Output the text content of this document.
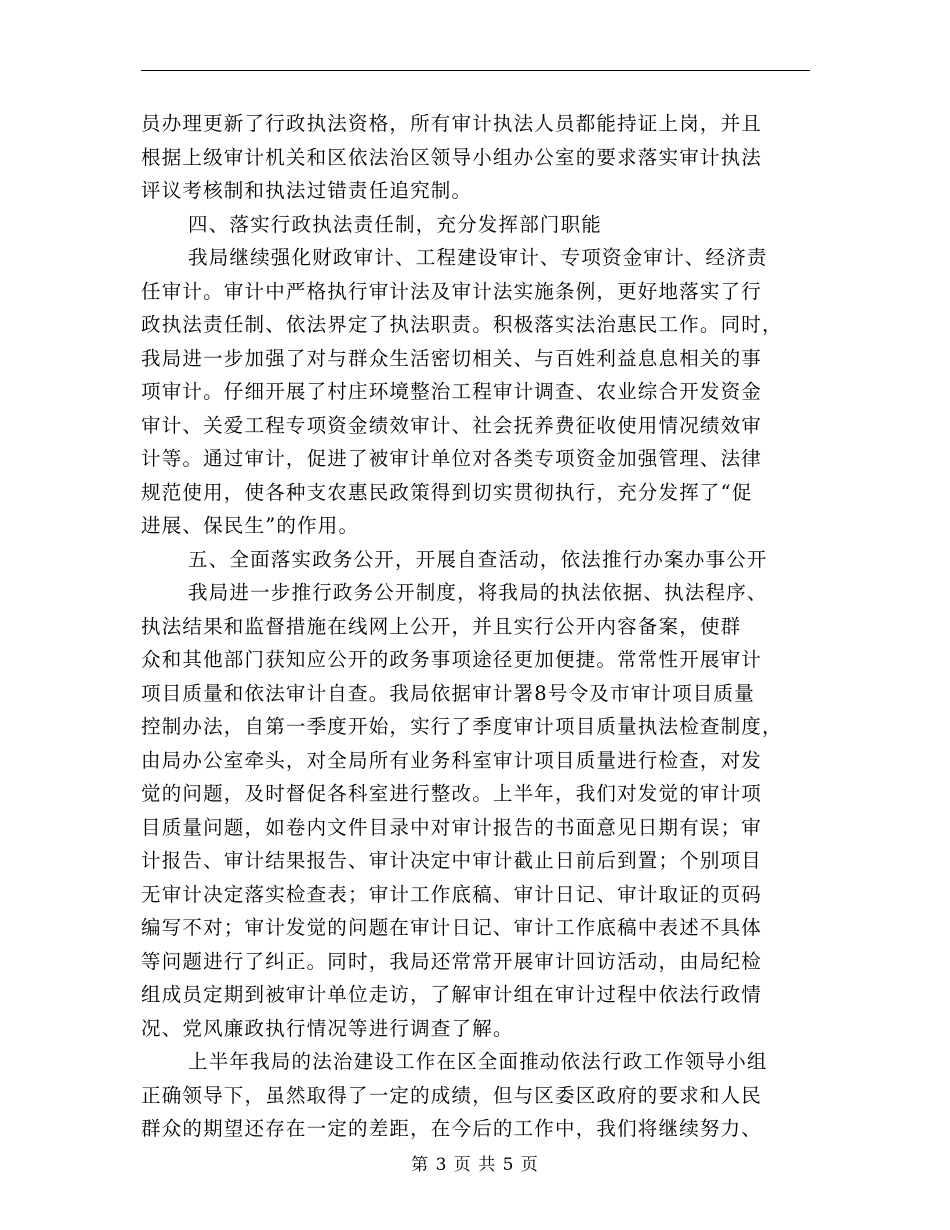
员办理更新了行政执法资格，所有审计执法人员都能持证上岗，并且
根据上级审计机关和区依法治区领导小组办公室的要求落实审计执法
评议考核制和执法过错责任追究制。
四、落实行政执法责任制，充分发挥部门职能
我局继续强化财政审计、工程建设审计、专项资金审计、经济责
任审计。审计中严格执行审计法及审计法实施条例，更好地落实了行
政执法责任制、依法界定了执法职责。积极落实法治惠民工作。同时，
我局进一步加强了对与群众生活密切相关、与百姓利益息息相关的事
项审计。仔细开展了村庄环境整治工程审计调查、农业综合开发资金
审计、关爱工程专项资金绩效审计、社会抚养费征收使用情况绩效审
计等。通过审计，促进了被审计单位对各类专项资金加强管理、法律
规范使用，使各种支农惠民政策得到切实贯彻执行，充分发挥了“促
进展、保民生”的作用。
五、全面落实政务公开，开展自查活动，依法推行办案办事公开
我局进一步推行政务公开制度，将我局的执法依据、执法程序、
执法结果和监督措施在线网上公开，并且实行公开内容备案，使群
众和其他部门获知应公开的政务事项途径更加便捷。常常性开展审计
项目质量和依法审计自查。我局依据审计署8号令及市审计项目质量
控制办法，自第一季度开始，实行了季度审计项目质量执法检查制度，
由局办公室牵头，对全局所有业务科室审计项目质量进行检查，对发
觉的问题，及时督促各科室进行整改。上半年，我们对发觉的审计项
目质量问题，如卷内文件目录中对审计报告的书面意见日期有误；审
计报告、审计结果报告、审计决定中审计截止日前后到置；个别项目
无审计决定落实检查表；审计工作底稿、审计日记、审计取证的页码
编写不对；审计发觉的问题在审计日记、审计工作底稿中表述不具体
等问题进行了纠正。同时，我局还常常开展审计回访活动，由局纪检
组成员定期到被审计单位走访，了解审计组在审计过程中依法行政情
况、党风廉政执行情况等进行调查了解。
上半年我局的法治建设工作在区全面推动依法行政工作领导小组
正确领导下，虽然取得了一定的成绩，但与区委区政府的要求和人民
群众的期望还存在一定的差距，在今后的工作中，我们将继续努力、
第 3 页 共 5 页
